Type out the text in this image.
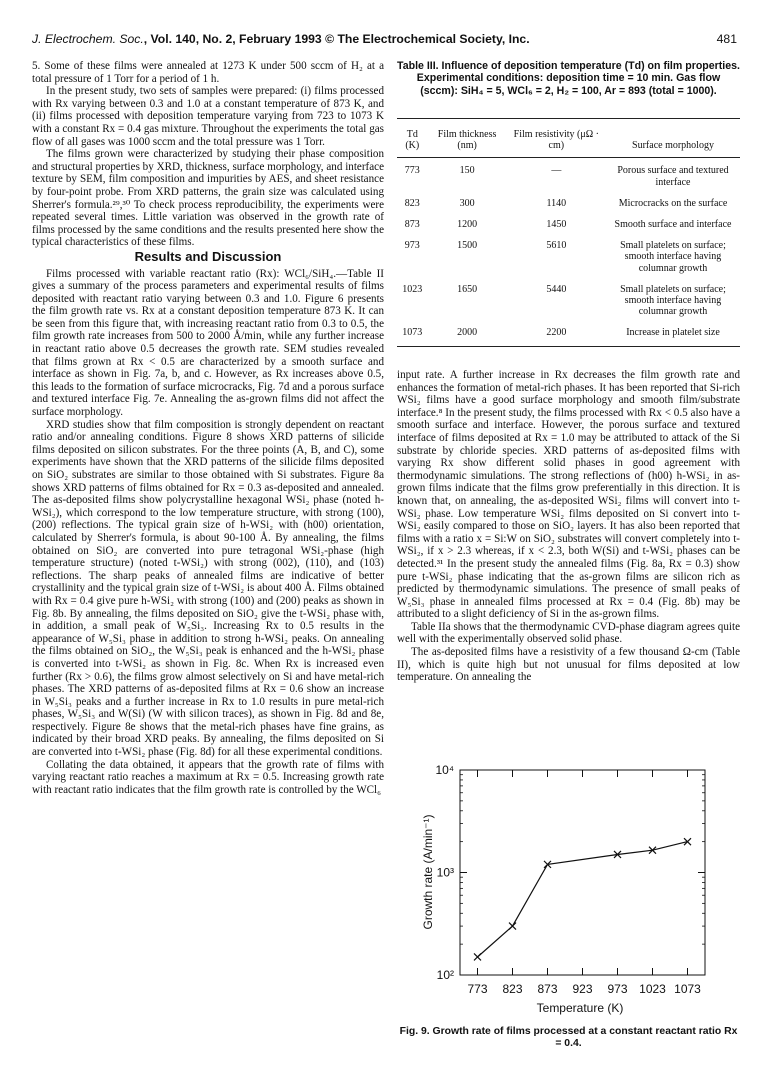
J. Electrochem. Soc., Vol. 140, No. 2, February 1993 © The Electrochemical Society, Inc.	481

5. Some of these films were annealed at 1273 K under 500 sccm of H₂ at a total pressure of 1 Torr for a period of 1 h.

In the present study, two sets of samples were prepared: (i) films processed with Rx varying between 0.3 and 1.0 at a constant temperature of 873 K, and (ii) films processed with deposition temperature varying from 723 to 1073 K with a constant Rx = 0.4 gas mixture. Throughout the experiments the total gas flow of all gases was 1000 sccm and the total pressure was 1 Torr.

The films grown were characterized by studying their phase composition and structural properties by XRD, thickness, surface morphology, and interface texture by SEM, film composition and impurities by AES, and sheet resistance by four-point probe. From XRD patterns, the grain size was calculated using Sherrer's formula.²⁹,³⁰ To check process reproducibility, the experiments were repeated several times. Little variation was observed in the growth rate of films processed by the same conditions and the results presented here show the typical characteristics of these films.

Results and Discussion

Films processed with variable reactant ratio (Rx): WCl₆/SiH₄.—Table II gives a summary of the process parameters and experimental results of films deposited with reactant ratio varying between 0.3 and 1.0. Figure 6 presents the film growth rate vs. Rx at a constant deposition temperature 873 K. It can be seen from this figure that, with increasing reactant ratio from 0.3 to 0.5, the film growth rate increases from 500 to 2000 Å/min, while any further increase in reactant ratio above 0.5 decreases the growth rate. SEM studies revealed that films grown at Rx < 0.5 are characterized by a smooth surface and interface as shown in Fig. 7a, b, and c. However, as Rx increases above 0.5, this leads to the formation of surface microcracks, Fig. 7d and a porous surface and textured interface Fig. 7e. Annealing the as-grown films did not affect the surface morphology.

XRD studies show that film composition is strongly dependent on reactant ratio and/or annealing conditions. Figure 8 shows XRD patterns of silicide films deposited on silicon substrates. For the three points (A, B, and C), some experiments have shown that the XRD patterns of the silicide films deposited on SiO₂ substrates are similar to those obtained with Si substrates. Figure 8a shows XRD patterns of films obtained for Rx = 0.3 as-deposited and annealed. The as-deposited films show polycrystalline hexagonal WSi₂ phase (noted h-WSi₂), which correspond to the low temperature structure, with strong (100), (200) reflections. The typical grain size of h-WSi₂ with (h00) orientation, calculated by Sherrer's formula, is about 90-100 Å. By annealing, the films obtained on SiO₂ are converted into pure tetragonal WSi₂-phase (high temperature structure) (noted t-WSi₂) with strong (002), (110), and (103) reflections. The sharp peaks of annealed films are indicative of better crystallinity and the typical grain size of t-WSi₂ is about 400 Å. Films obtained with Rx = 0.4 give pure h-WSi₂ with strong (100) and (200) peaks as shown in Fig. 8b. By annealing, the films deposited on SiO₂ give the t-WSi₂ phase with, in addition, a small peak of W₅Si₃. Increasing Rx to 0.5 results in the appearance of W₅Si₃ phase in addition to strong h-WSi₂ peaks. On annealing the films obtained on SiO₂, the W₅Si₃ peak is enhanced and the h-WSi₂ phase is converted into t-WSi₂ as shown in Fig. 8c. When Rx is increased even further (Rx > 0.6), the films grow almost selectively on Si and have metal-rich phases. The XRD patterns of as-deposited films at Rx = 0.6 show an increase in W₅Si₃ peaks and a further increase in Rx to 1.0 results in pure metal-rich phases, W₅Si₃ and W(Si) (W with silicon traces), as shown in Fig. 8d and 8e, respectively. Figure 8e shows that the metal-rich phases have fine grains, as indicated by their broad XRD peaks. By annealing, the films deposited on Si are converted into t-WSi₂ phase (Fig. 8d) for all these experimental conditions.

Collating the data obtained, it appears that the growth rate of films with varying reactant ratio reaches a maximum at Rx = 0.5. Increasing growth rate with reactant ratio indicates that the film growth rate is controlled by the WCl₆

Table III. Influence of deposition temperature (Td) on film properties. Experimental conditions: deposition time = 10 min. Gas flow (sccm): SiH₄ = 5, WCl₆ = 2, H₂ = 100, Ar = 893 (total = 1000).
Td (K)	Film thickness (nm)	Film resistivity (μΩ · cm)	Surface morphology
773	150	—	Porous surface and textured interface
823	300	1140	Microcracks on the surface
873	1200	1450	Smooth surface and interface
973	1500	5610	Small platelets on surface; smooth interface having columnar growth
1023	1650	5440	Small platelets on surface; smooth interface having columnar growth
1073	2000	2200	Increase in platelet size

input rate. A further increase in Rx decreases the film growth rate and enhances the formation of metal-rich phases. It has been reported that Si-rich WSi₂ films have a good surface morphology and smooth film/substrate interface.⁸ In the present study, the films processed with Rx < 0.5 also have a smooth surface and interface. However, the porous surface and textured interface of films deposited at Rx = 1.0 may be attributed to attack of the Si substrate by chloride species. XRD patterns of as-deposited films with varying Rx show different solid phases in good agreement with thermodynamic simulations. The strong reflections of (h00) h-WSi₂ in as-grown films indicate that the films grow preferentially in this direction. It is known that, on annealing, the as-deposited WSi₂ films will convert into t-WSi₂ phase. Low temperature WSi₂ films deposited on Si convert into t-WSi₂ easily compared to those on SiO₂ layers. It has also been reported that films with a ratio x = Si:W on SiO₂ substrates will convert completely into t-WSi₂, if x > 2.3 whereas, if x < 2.3, both W(Si) and t-WSi₂ phases can be detected.³¹ In the present study the annealed films (Fig. 8a, Rx = 0.3) show pure t-WSi₂ phase indicating that the as-grown films are silicon rich as predicted by thermodynamic simulations. The presence of small peaks of W₅Si₃ phase in annealed films processed at Rx = 0.4 (Fig. 8b) may be attributed to a slight deficiency of Si in the as-grown films.

Table IIa shows that the thermodynamic CVD-phase diagram agrees quite well with the experimentally observed solid phase.

The as-deposited films have a resistivity of a few thousand Ω-cm (Table II), which is quite high but not unusual for films deposited at low temperature. On annealing the

10²
10³
10⁴
773 823 873 923 973 1023 1073
Temperature (K)
Growth rate (A/min⁻¹)
Fig. 9. Growth rate of films processed at a constant reactant ratio Rx = 0.4.
